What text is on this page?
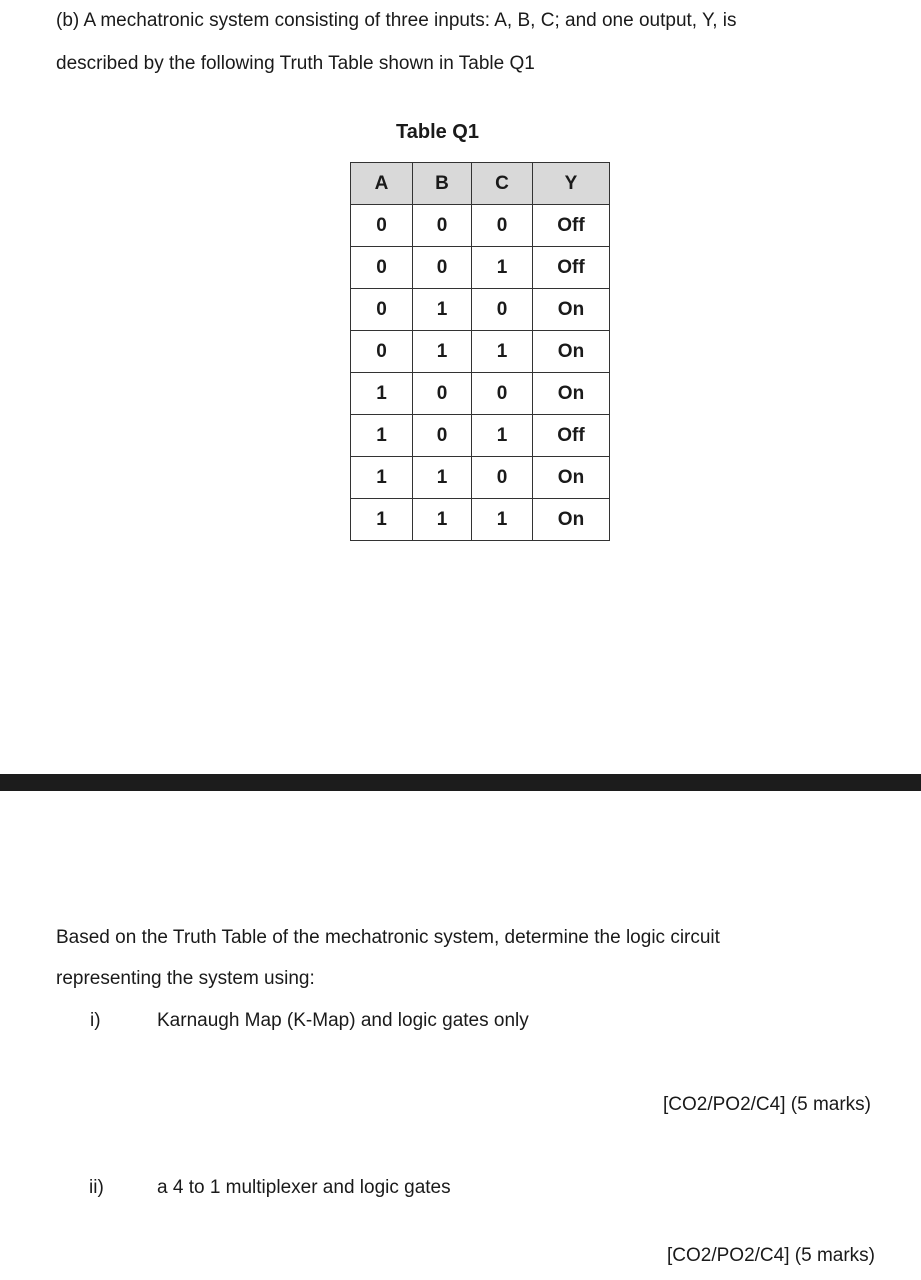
(b) A mechatronic system consisting of three inputs: A, B, C; and one output, Y, is
described by the following Truth Table shown in Table Q1
Table Q1
A	B	C	Y
0	0	0	Off
0	0	1	Off
0	1	0	On
0	1	1	On
1	0	0	On
1	0	1	Off
1	1	0	On
1	1	1	On
Based on the Truth Table of the mechatronic system, determine the logic circuit
representing the system using:
i)	Karnaugh Map (K-Map) and logic gates only
[CO2/PO2/C4] (5 marks)
ii)	a 4 to 1 multiplexer and logic gates
[CO2/PO2/C4] (5 marks)
